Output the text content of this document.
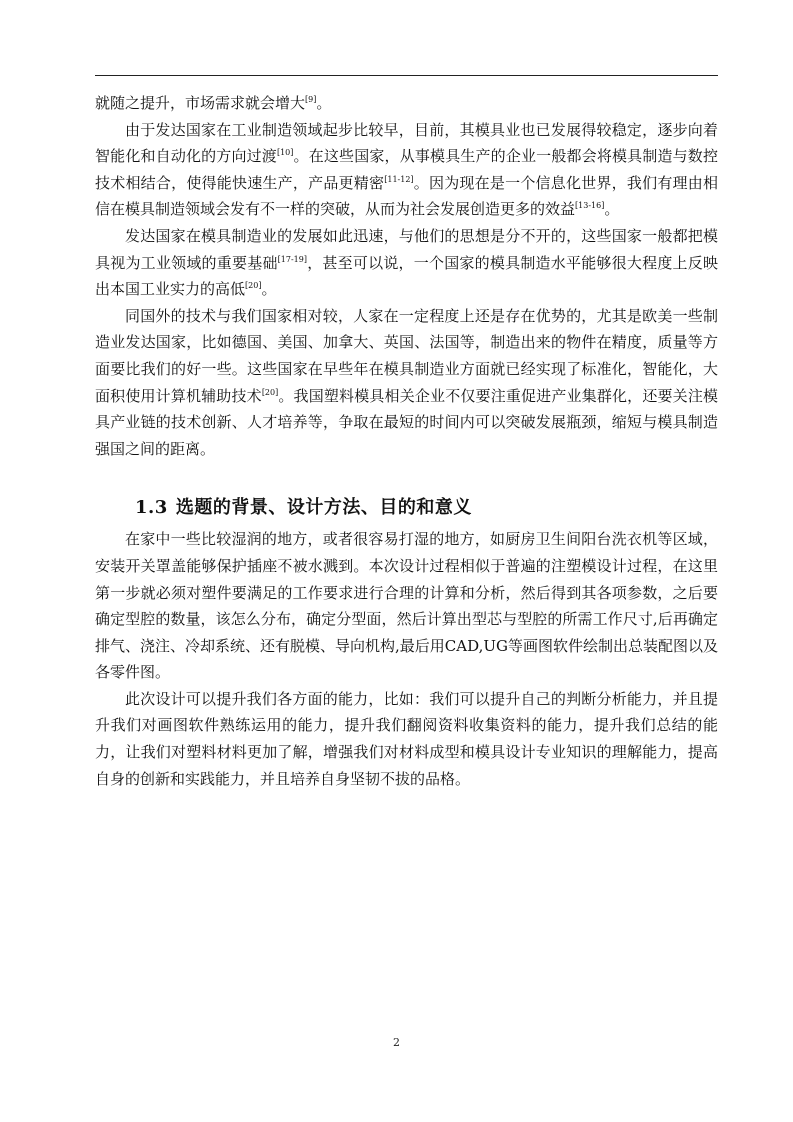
就随之提升，市场需求就会增大[9]。

由于发达国家在工业制造领域起步比较早，目前，其模具业也已发展得较稳定，逐步向着智能化和自动化的方向过渡[10]。在这些国家，从事模具生产的企业一般都会将模具制造与数控技术相结合，使得能快速生产，产品更精密[11-12]。因为现在是一个信息化世界，我们有理由相信在模具制造领域会发有不一样的突破，从而为社会发展创造更多的效益[13-16]。

发达国家在模具制造业的发展如此迅速，与他们的思想是分不开的，这些国家一般都把模具视为工业领域的重要基础[17-19]，甚至可以说，一个国家的模具制造水平能够很大程度上反映出本国工业实力的高低[20]。

同国外的技术与我们国家相对较，人家在一定程度上还是存在优势的，尤其是欧美一些制造业发达国家，比如德国、美国、加拿大、英国、法国等，制造出来的物件在精度，质量等方面要比我们的好一些。这些国家在早些年在模具制造业方面就已经实现了标准化，智能化，大面积使用计算机辅助技术[20]。我国塑料模具相关企业不仅要注重促进产业集群化，还要关注模具产业链的技术创新、人才培养等，争取在最短的时间内可以突破发展瓶颈，缩短与模具制造强国之间的距离。

1.3 选题的背景、设计方法、目的和意义

在家中一些比较湿润的地方，或者很容易打湿的地方，如厨房卫生间阳台洗衣机等区域，安装开关罩盖能够保护插座不被水溅到。本次设计过程相似于普遍的注塑模设计过程，在这里第一步就必须对塑件要满足的工作要求进行合理的计算和分析，然后得到其各项参数，之后要确定型腔的数量，该怎么分布，确定分型面，然后计算出型芯与型腔的所需工作尺寸,后再确定排气、浇注、冷却系统、还有脱模、导向机构,最后用CAD,UG等画图软件绘制出总装配图以及各零件图。

此次设计可以提升我们各方面的能力，比如：我们可以提升自己的判断分析能力，并且提升我们对画图软件熟练运用的能力，提升我们翻阅资料收集资料的能力，提升我们总结的能力，让我们对塑料材料更加了解，增强我们对材料成型和模具设计专业知识的理解能力，提高自身的创新和实践能力，并且培养自身坚韧不拔的品格。

2
